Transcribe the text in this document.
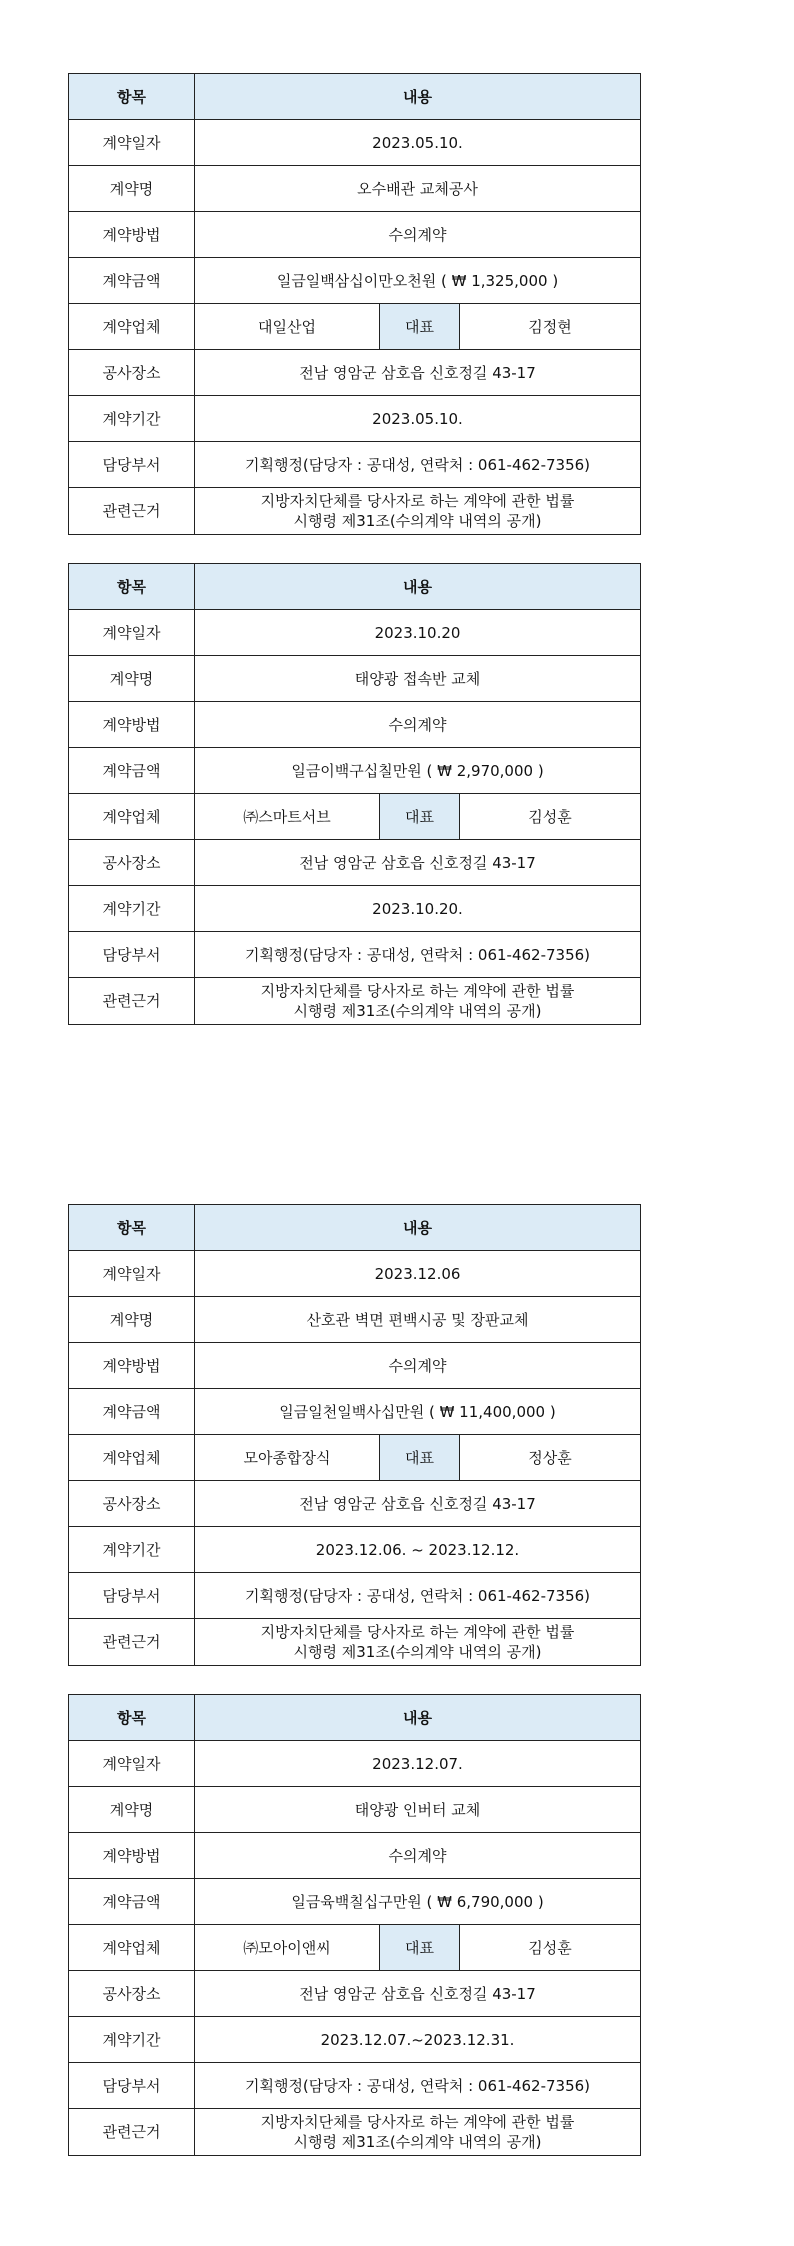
항목	내용		
계약일자	2023.05.10.		
계약명	오수배관 교체공사		
계약방법	수의계약		
계약금액	일금일백삼십이만오천원 ( ₩ 1,325,000 )		
계약업체	대일산업	대표	김정현
공사장소	전남 영암군 삼호읍 신호정길 43-17		
계약기간	2023.05.10.		
담당부서	기획행정(담당자 : 공대성, 연락처 : 061-462-7356)		
관련근거	지방자치단체를 당사자로 하는 계약에 관한 법률
시행령 제31조(수의계약 내역의 공개)		
항목	내용		
계약일자	2023.10.20		
계약명	태양광 접속반 교체		
계약방법	수의계약		
계약금액	일금이백구십칠만원 ( ₩ 2,970,000 )		
계약업체	㈜스마트서브	대표	김성훈
공사장소	전남 영암군 삼호읍 신호정길 43-17		
계약기간	2023.10.20.		
담당부서	기획행정(담당자 : 공대성, 연락처 : 061-462-7356)		
관련근거	지방자치단체를 당사자로 하는 계약에 관한 법률
시행령 제31조(수의계약 내역의 공개)		
항목	내용		
계약일자	2023.12.06		
계약명	산호관 벽면 편백시공 및 장판교체		
계약방법	수의계약		
계약금액	일금일천일백사십만원 ( ₩ 11,400,000 )		
계약업체	모아종합장식	대표	정상훈
공사장소	전남 영암군 삼호읍 신호정길 43-17		
계약기간	2023.12.06. ~ 2023.12.12.		
담당부서	기획행정(담당자 : 공대성, 연락처 : 061-462-7356)		
관련근거	지방자치단체를 당사자로 하는 계약에 관한 법률
시행령 제31조(수의계약 내역의 공개)		
항목	내용		
계약일자	2023.12.07.		
계약명	태양광 인버터 교체		
계약방법	수의계약		
계약금액	일금육백칠십구만원 ( ₩ 6,790,000 )		
계약업체	㈜모아이앤씨	대표	김성훈
공사장소	전남 영암군 삼호읍 신호정길 43-17		
계약기간	2023.12.07.~2023.12.31.		
담당부서	기획행정(담당자 : 공대성, 연락처 : 061-462-7356)		
관련근거	지방자치단체를 당사자로 하는 계약에 관한 법률
시행령 제31조(수의계약 내역의 공개)		
